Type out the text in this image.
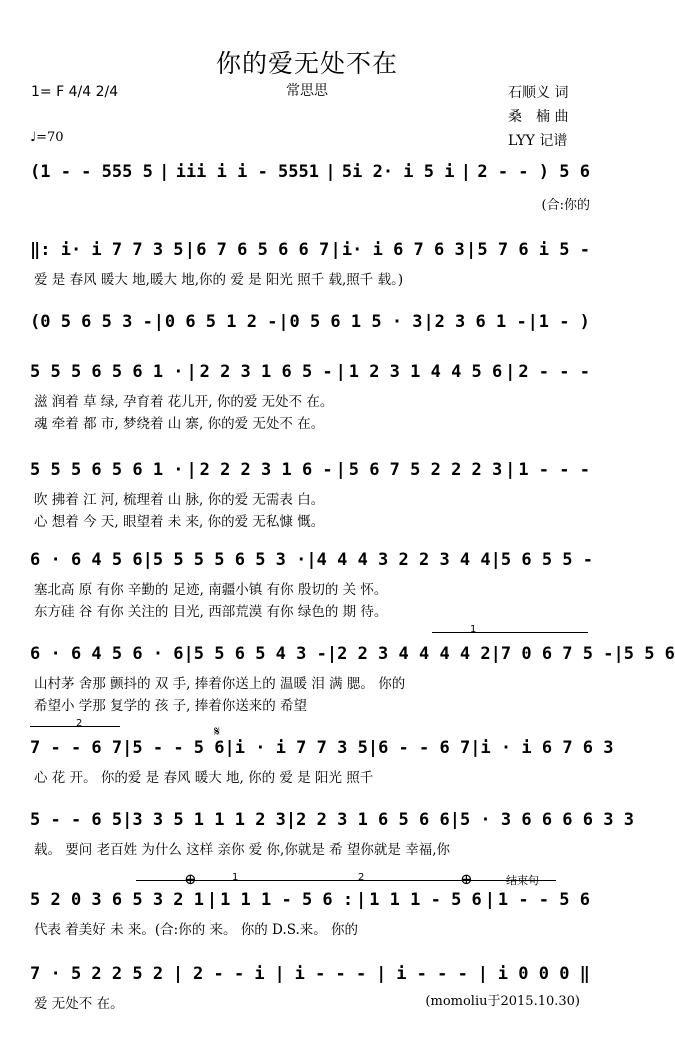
你的爱无处不在
常思思
1= F 4/4 2/4
♩=70
石顺义 词
桑　楠 曲
LYY 记谱
(1 - - 555 5 | iii i i - 5551 | 5i 2· i 5 i | 2 - - ) 5 6
(合:你的
‖: i· i 7 7 3 5 | 6 7 6 5 6 6 7 | i· i 6 7 6 3 | 5 7 6 i 5 -
爱 是 春风 暖大 地,暖大 地,你的 爱 是 阳光 照千 载,照千 载。)
(0 5 6 5 3 - | 0 6 5 1 2 - | 0 5 6 1 5 · 3 | 2 3 6 1 - | 1 - )
5 5 5 6 5 6 1 · | 2 2 3 1 6 5 - | 1 2 3 1 4 4 5 6 | 2 - - -
滋 润着 草 绿, 孕育着 花儿开, 你的爱 无处不 在。
魂 牵着 都 市, 梦绕着 山 寨, 你的爱 无处不 在。
5 5 5 6 5 6 1 · | 2 2 2 3 1 6 - | 5 6 7 5 2 2 2 3 | 1 - - -
吹 拂着 江 河, 梳理着 山 脉, 你的爱 无需表 白。
心 想着 今 天, 眼望着 未 来, 你的爱 无私慷 慨。
6 · 6 4 5 6 | 5 5 5 5 6 5 3 · | 4 4 4 3 2 2 3 4 4 | 5 6 5 5 -
塞北高 原 有你 辛勤的 足迹, 南疆小镇 有你 殷切的 关 怀。
东方硅 谷 有你 关注的 目光, 西部荒漠 有你 绿色的 期 待。
6 · 6 4 5 6 · 6 | 5 5 6 5 4 3 - | 2 2 3 4 4 4 4 2 | 7 0 6 7 5 - | 5 5 6
山村茅 舍那 颤抖的 双 手, 捧着你送上的 温暖 泪 满 腮。 你的
希望小 学那 复学的 孩 子, 捧着你送来的 希望
7 - - 6 7 | 5 - - 5 6 | i · i 7 7 3 5 | 6 - - 6 7 | i · i 6 7 6 3
心 花 开。 你的爱 是 春风 暖大 地, 你的 爱 是 阳光 照千
5 - - 6 5 | 3 3 5 1 1 1 2 3 | 2 2 3 1 6 5 6 6 | 5 · 3 6 6 6 6 3 3
载。 要问 老百姓 为什么 这样 亲你 爱 你,你就是 希 望你就是 幸福,你
5 2 0 3 6 5 3 2 1 | 1 1 1 - 5 6 : | 1 1 1 - 5 6 | 1 - - 5 6
代表 着美好 未 来。(合:你的 来。 你的 D.S.来。 你的
7 · 5 2 2 5 2 | 2 - - i | i - - - | i - - - | i 0 0 0 ‖
爱 无处不 在。
1
2
𝄋
⊕	⊕
1	2	结束句
(momoliu于2015.10.30)
